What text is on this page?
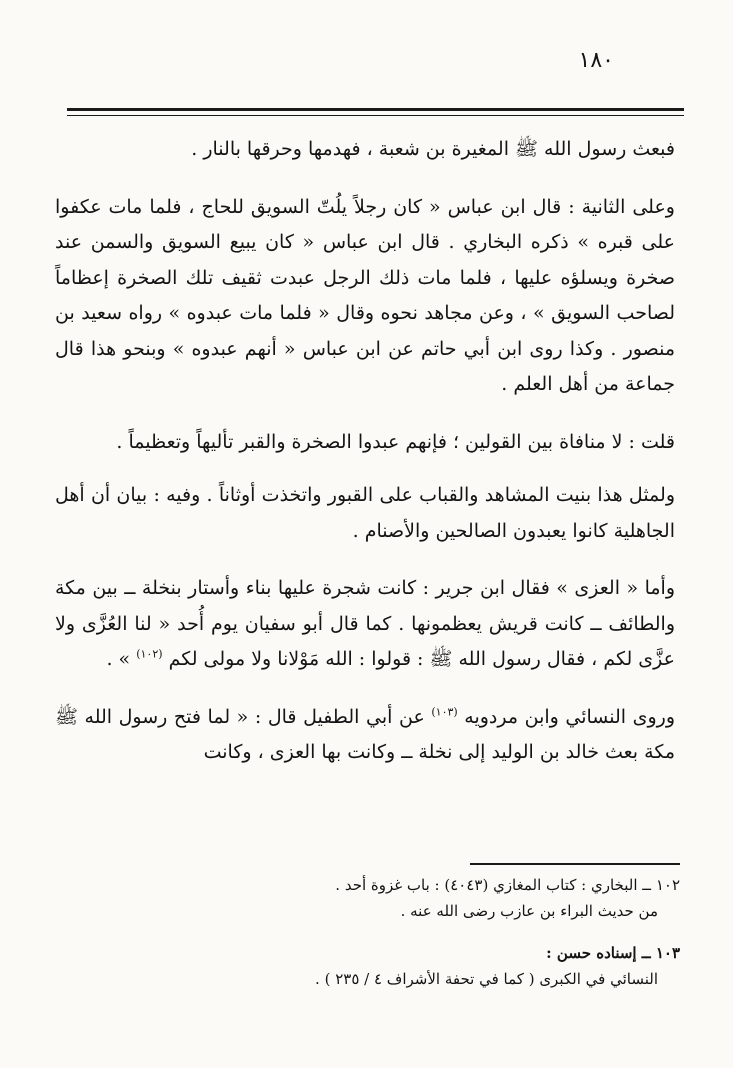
١٨٠

فبعث رسول الله ﷺ المغيرة بن شعبة ، فهدمها وحرقها بالنار .

وعلى الثانية : قال ابن عباس « كان رجلاً يلُتّ السويق للحاج ، فلما مات عكفوا على قبره » ذكره البخاري . قال ابن عباس « كان يبيع السويق والسمن عند صخرة ويسلؤه عليها ، فلما مات ذلك الرجل عبدت ثقيف تلك الصخرة إعظاماً لصاحب السويق » ، وعن مجاهد نحوه وقال « فلما مات عبدوه » رواه سعيد بن منصور . وكذا روى ابن أبي حاتم عن ابن عباس « أنهم عبدوه » وبنحو هذا قال جماعة من أهل العلم .

قلت : لا منافاة بين القولين ؛ فإنهم عبدوا الصخرة والقبر تأليهاً وتعظيماً .

ولمثل هذا بنيت المشاهد والقباب على القبور واتخذت أوثاناً . وفيه : بيان أن أهل الجاهلية كانوا يعبدون الصالحين والأصنام .

وأما « العزى » فقال ابن جرير : كانت شجرة عليها بناء وأستار بنخلة ــ بين مكة والطائف ــ كانت قريش يعظمونها . كما قال أبو سفيان يوم أُحد « لنا العُزَّى ولا عزَّى لكم ، فقال رسول الله ﷺ : قولوا : الله مَوْلانا ولا مولى لكم $^{(١٠٢)}$ » .

وروى النسائي وابن مردويه $^{(١٠٣)}$ عن أبي الطفيل قال : « لما فتح رسول الله ﷺ مكة بعث خالد بن الوليد إلى نخلة ــ وكانت بها العزى ، وكانت

١٠٢ ــ البخاري : كتاب المغازي (٤٠٤٣) : باب غزوة أحد .

من حديث البراء بن عازب رضى الله عنه .

١٠٣ ــ إسناده حسن :

النسائي في الكبرى ( كما في تحفة الأشراف ٤ / ٢٣٥ ) .
